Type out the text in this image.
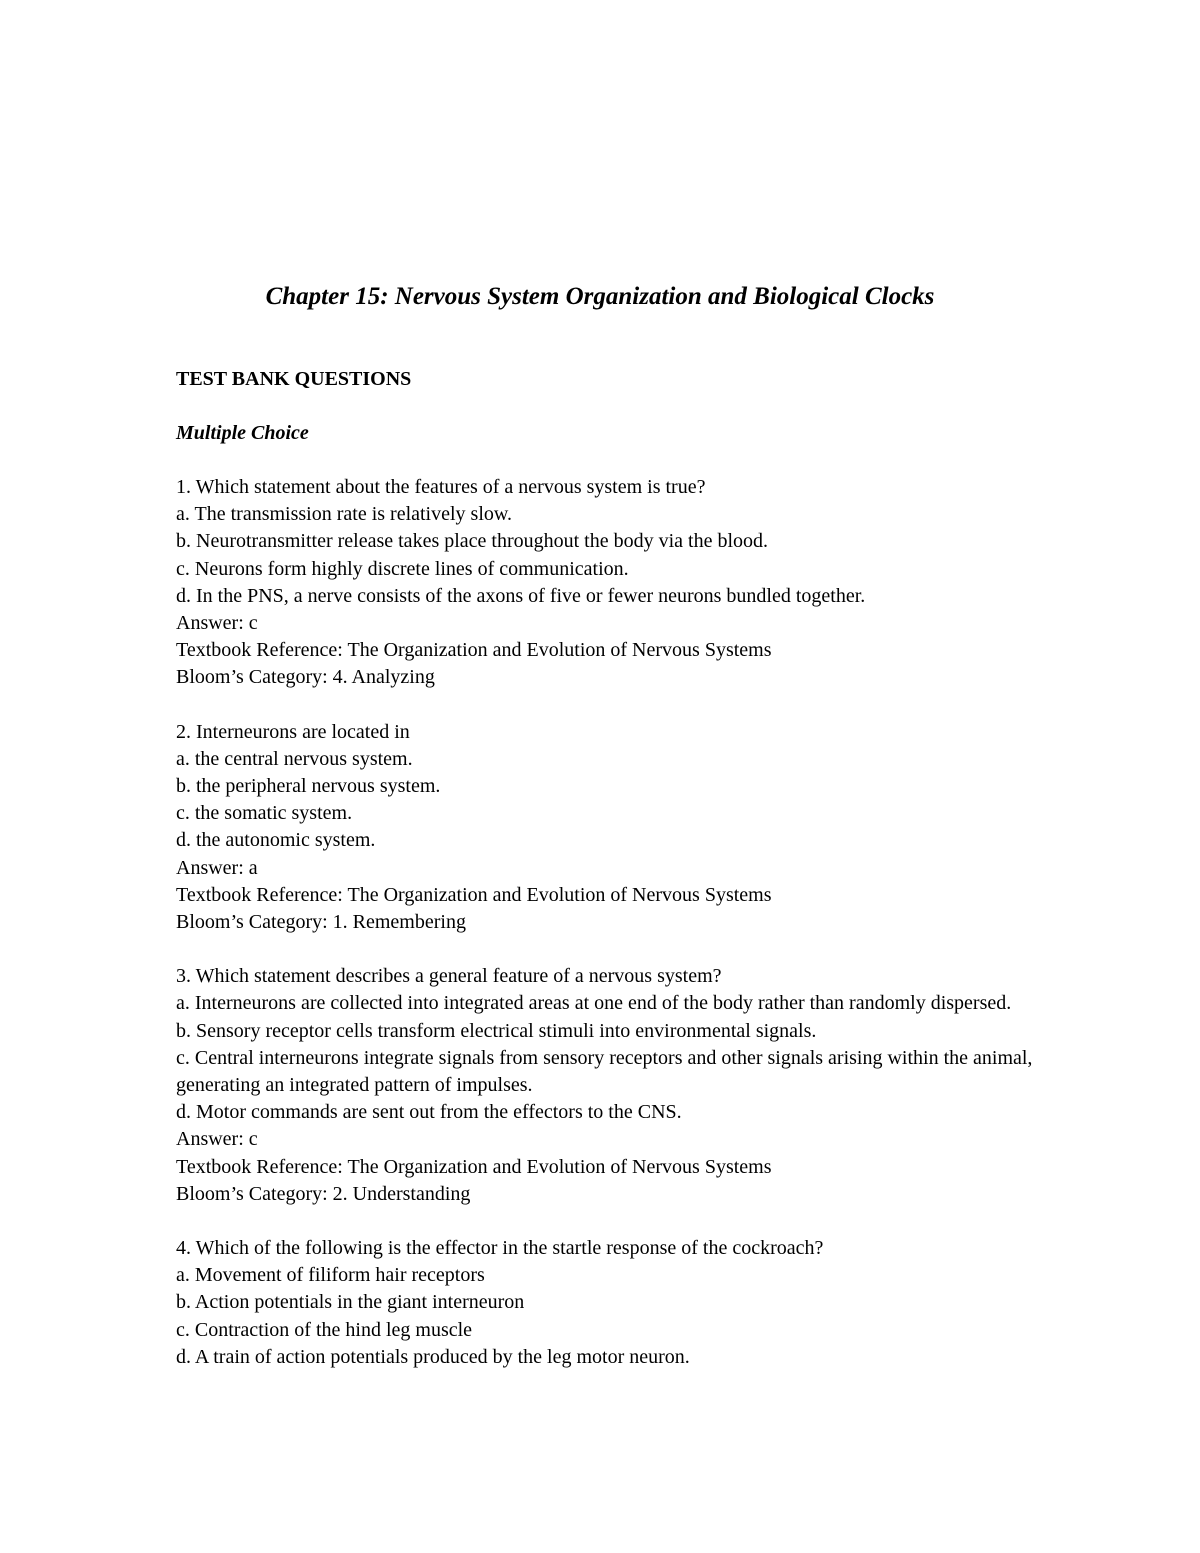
Chapter 15: Nervous System Organization and Biological Clocks

TEST BANK QUESTIONS

Multiple Choice

1. Which statement about the features of a nervous system is true?

a. The transmission rate is relatively slow.

b. Neurotransmitter release takes place throughout the body via the blood.

c. Neurons form highly discrete lines of communication.

d. In the PNS, a nerve consists of the axons of five or fewer neurons bundled together.

Answer: c

Textbook Reference: The Organization and Evolution of Nervous Systems

Bloom’s Category: 4. Analyzing

2. Interneurons are located in

a. the central nervous system.

b. the peripheral nervous system.

c. the somatic system.

d. the autonomic system.

Answer: a

Textbook Reference: The Organization and Evolution of Nervous Systems

Bloom’s Category: 1. Remembering

3. Which statement describes a general feature of a nervous system?

a. Interneurons are collected into integrated areas at one end of the body rather than randomly dispersed.

b. Sensory receptor cells transform electrical stimuli into environmental signals.

c. Central interneurons integrate signals from sensory receptors and other signals arising within the animal, generating an integrated pattern of impulses.

d. Motor commands are sent out from the effectors to the CNS.

Answer: c

Textbook Reference: The Organization and Evolution of Nervous Systems

Bloom’s Category: 2. Understanding

4. Which of the following is the effector in the startle response of the cockroach?

a. Movement of filiform hair receptors

b. Action potentials in the giant interneuron

c. Contraction of the hind leg muscle

d. A train of action potentials produced by the leg motor neuron.
